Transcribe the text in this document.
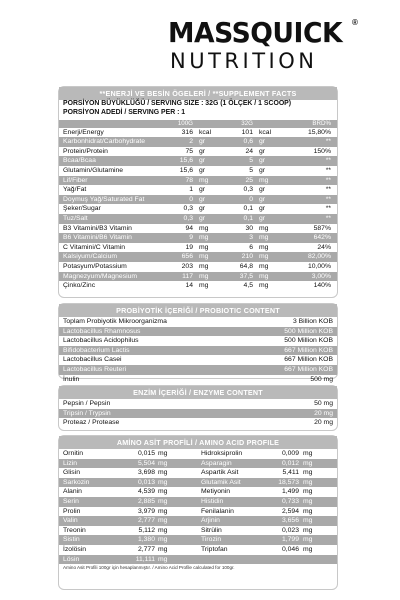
MASSQUICK ®
NUTRITION
**ENERJİ VE BESİN ÖGELERİ / **SUPPLEMENT FACTS
PORSİYON BÜYÜKLÜĞÜ / SERVING SIZE : 32G (1 ÖLÇEK / 1 SCOOP)
PORSİYON ADEDİ / SERVING PER : 1
100G	32G	BRD%
Enerji/Energy	316 kcal	101 kcal	15,80%
Karbonhidrat/Carbohydrate	2 gr	0,6 gr	**
Protein/Protein	75 gr	24 gr	150%
Bcaa/Bcaa	15,6 gr	5 gr	**
Glutamin/Glutamine	15,6 gr	5 gr	**
Lif/Fiber	78 mg	25 mg	**
Yağ/Fat	1 gr	0,3 gr	**
Doymuş Yağ/Saturated Fat	0 gr	0 gr	**
Şeker/Sugar	0,3 gr	0,1 gr	**
Tuz/Salt	0,3 gr	0,1 gr	**
B3 Vitamini/B3 Vitamin	94 mg	30 mg	587%
B6 Vitamini/B6 Vitamin	9 mg	3 mg	642%
C Vitamini/C Vitamin	19 mg	6 mg	24%
Kalsiyum/Calcium	656 mg	210 mg	82,00%
Potasyum/Potassium	203 mg	64,8 mg	10,00%
Magnezyum/Magnesium	117 mg	37,5 mg	3,00%
Çinko/Zinc	14 mg	4,5 mg	140%
PROBİYOTİK İÇERİĞİ / PROBIOTIC CONTENT
Toplam Probiyotik Mikroorganizma	3 Billion KOB
Lactobacillus Rhamnosus	500 Million KOB
Lactobacillus Acidophilus	500 Million KOB
Bifidobacterium Lactis	667 Million KOB
Lactobacillus Casei	667 Million KOB
Lactobacillus Reuteri	667 Million KOB
İnulin	500 mg
ENZİM İÇERİĞİ / ENZYME CONTENT
Pepsin / Pepsin	50 mg
Tripsin / Trypsin	20 mg
Proteaz / Protease	20 mg
AMİNO ASİT PROFİLİ / AMINO ACID PROFILE
Ornitin	0,015 mg	Hidroksiprolin	0,009 mg
Lizin	5,504 mg	Asparagin	0,012 mg
Glisin	3,698 mg	Aspartik Asit	5,411 mg
Sarkozin	0,013 mg	Glutamik Asit	18,573 mg
Alanin	4,539 mg	Metiyonin	1,499 mg
Serin	2,885 mg	Histidin	0,733 mg
Prolin	3,979 mg	Fenilalanin	2,594 mg
Valin	2,777 mg	Arjinin	3,656 mg
Treonin	5,112 mg	Sitrülin	0,023 mg
Sistin	1,380 mg	Tirozin	1,799 mg
İzolösin	2,777 mg	Triptofan	0,046 mg
Lösin	11,111 mg
Amino Asit Profili 100gr için hesaplanmıştır. / Amino Acid Profile calculated for 100gr.
